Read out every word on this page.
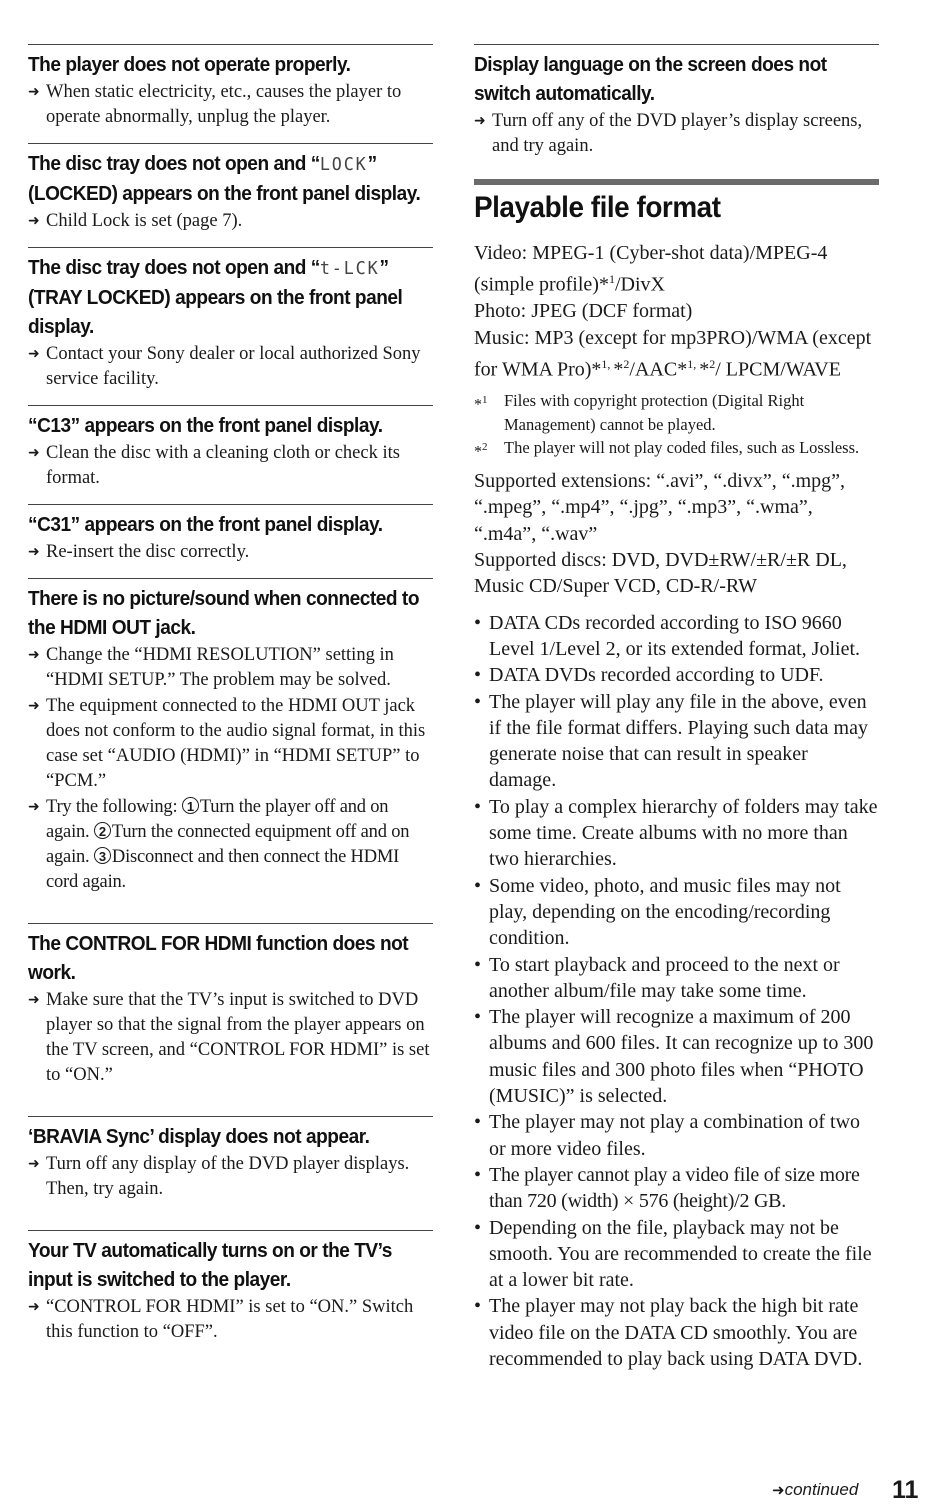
The player does not operate properly.

➜ When static electricity, etc., causes the player to operate abnormally, unplug the player.

The disc tray does not open and “LOCK” (LOCKED) appears on the front panel display.

➜ Child Lock is set (page 7).

The disc tray does not open and “t-LCK” (TRAY LOCKED) appears on the front panel display.

➜ Contact your Sony dealer or local authorized Sony service facility.

“C13” appears on the front panel display.

➜ Clean the disc with a cleaning cloth or check its format.

“C31” appears on the front panel display.

➜ Re-insert the disc correctly.

There is no picture/sound when connected to the HDMI OUT jack.

➜ Change the “HDMI RESOLUTION” setting in “HDMI SETUP.” The problem may be solved.

➜ The equipment connected to the HDMI OUT jack does not conform to the audio signal format, in this case set “AUDIO (HDMI)” in “HDMI SETUP” to “PCM.”

➜ Try the following: 1 Turn the player off and on again. 2 Turn the connected equipment off and on again. 3 Disconnect and then connect the HDMI cord again.

The CONTROL FOR HDMI function does not work.

➜ Make sure that the TV’s input is switched to DVD player so that the signal from the player appears on the TV screen, and “CONTROL FOR HDMI” is set to “ON.”

‘BRAVIA Sync’ display does not appear.

➜ Turn off any display of the DVD player displays. Then, try again.

Your TV automatically turns on or the TV’s input is switched to the player.

➜ “CONTROL FOR HDMI” is set to “ON.” Switch this function to “OFF”.

Display language on the screen does not switch automatically.

➜ Turn off any of the DVD player’s display screens, and try again.

Playable file format

Video: MPEG-1 (Cyber-shot data)/MPEG-4 (simple profile)*$^1$/DivX

Photo: JPEG (DCF format)

Music: MP3 (except for mp3PRO)/WMA (except for WMA Pro)*$^{1,}$ *$^2$/AAC*$^{1,}$ *$^2$/ LPCM/WAVE

*$^1$ Files with copyright protection (Digital Right Management) cannot be played.
*$^2$ The player will not play coded files, such as Lossless.

Supported extensions: “.avi”, “.divx”, “.mpg”, “.mpeg”, “.mp4”, “.jpg”, “.mp3”, “.wma”, “.m4a”, “.wav”

Supported discs: DVD, DVD±RW/±R/±R DL, Music CD/Super VCD, CD-R/-RW

• DATA CDs recorded according to ISO 9660 Level 1/Level 2, or its extended format, Joliet.
• DATA DVDs recorded according to UDF.
• The player will play any file in the above, even if the file format differs. Playing such data may generate noise that can result in speaker damage.
• To play a complex hierarchy of folders may take some time. Create albums with no more than two hierarchies.
• Some video, photo, and music files may not play, depending on the encoding/recording condition.
• To start playback and proceed to the next or another album/file may take some time.
• The player will recognize a maximum of 200 albums and 600 files. It can recognize up to 300 music files and 300 photo files when “PHOTO (MUSIC)” is selected.
• The player may not play a combination of two or more video files.
• The player cannot play a video file of size more than 720 (width) × 576 (height)/2 GB.
• Depending on the file, playback may not be smooth. You are recommended to create the file at a lower bit rate.
• The player may not play back the high bit rate video file on the DATA CD smoothly. You are recommended to play back using DATA DVD.
➜continued 11
